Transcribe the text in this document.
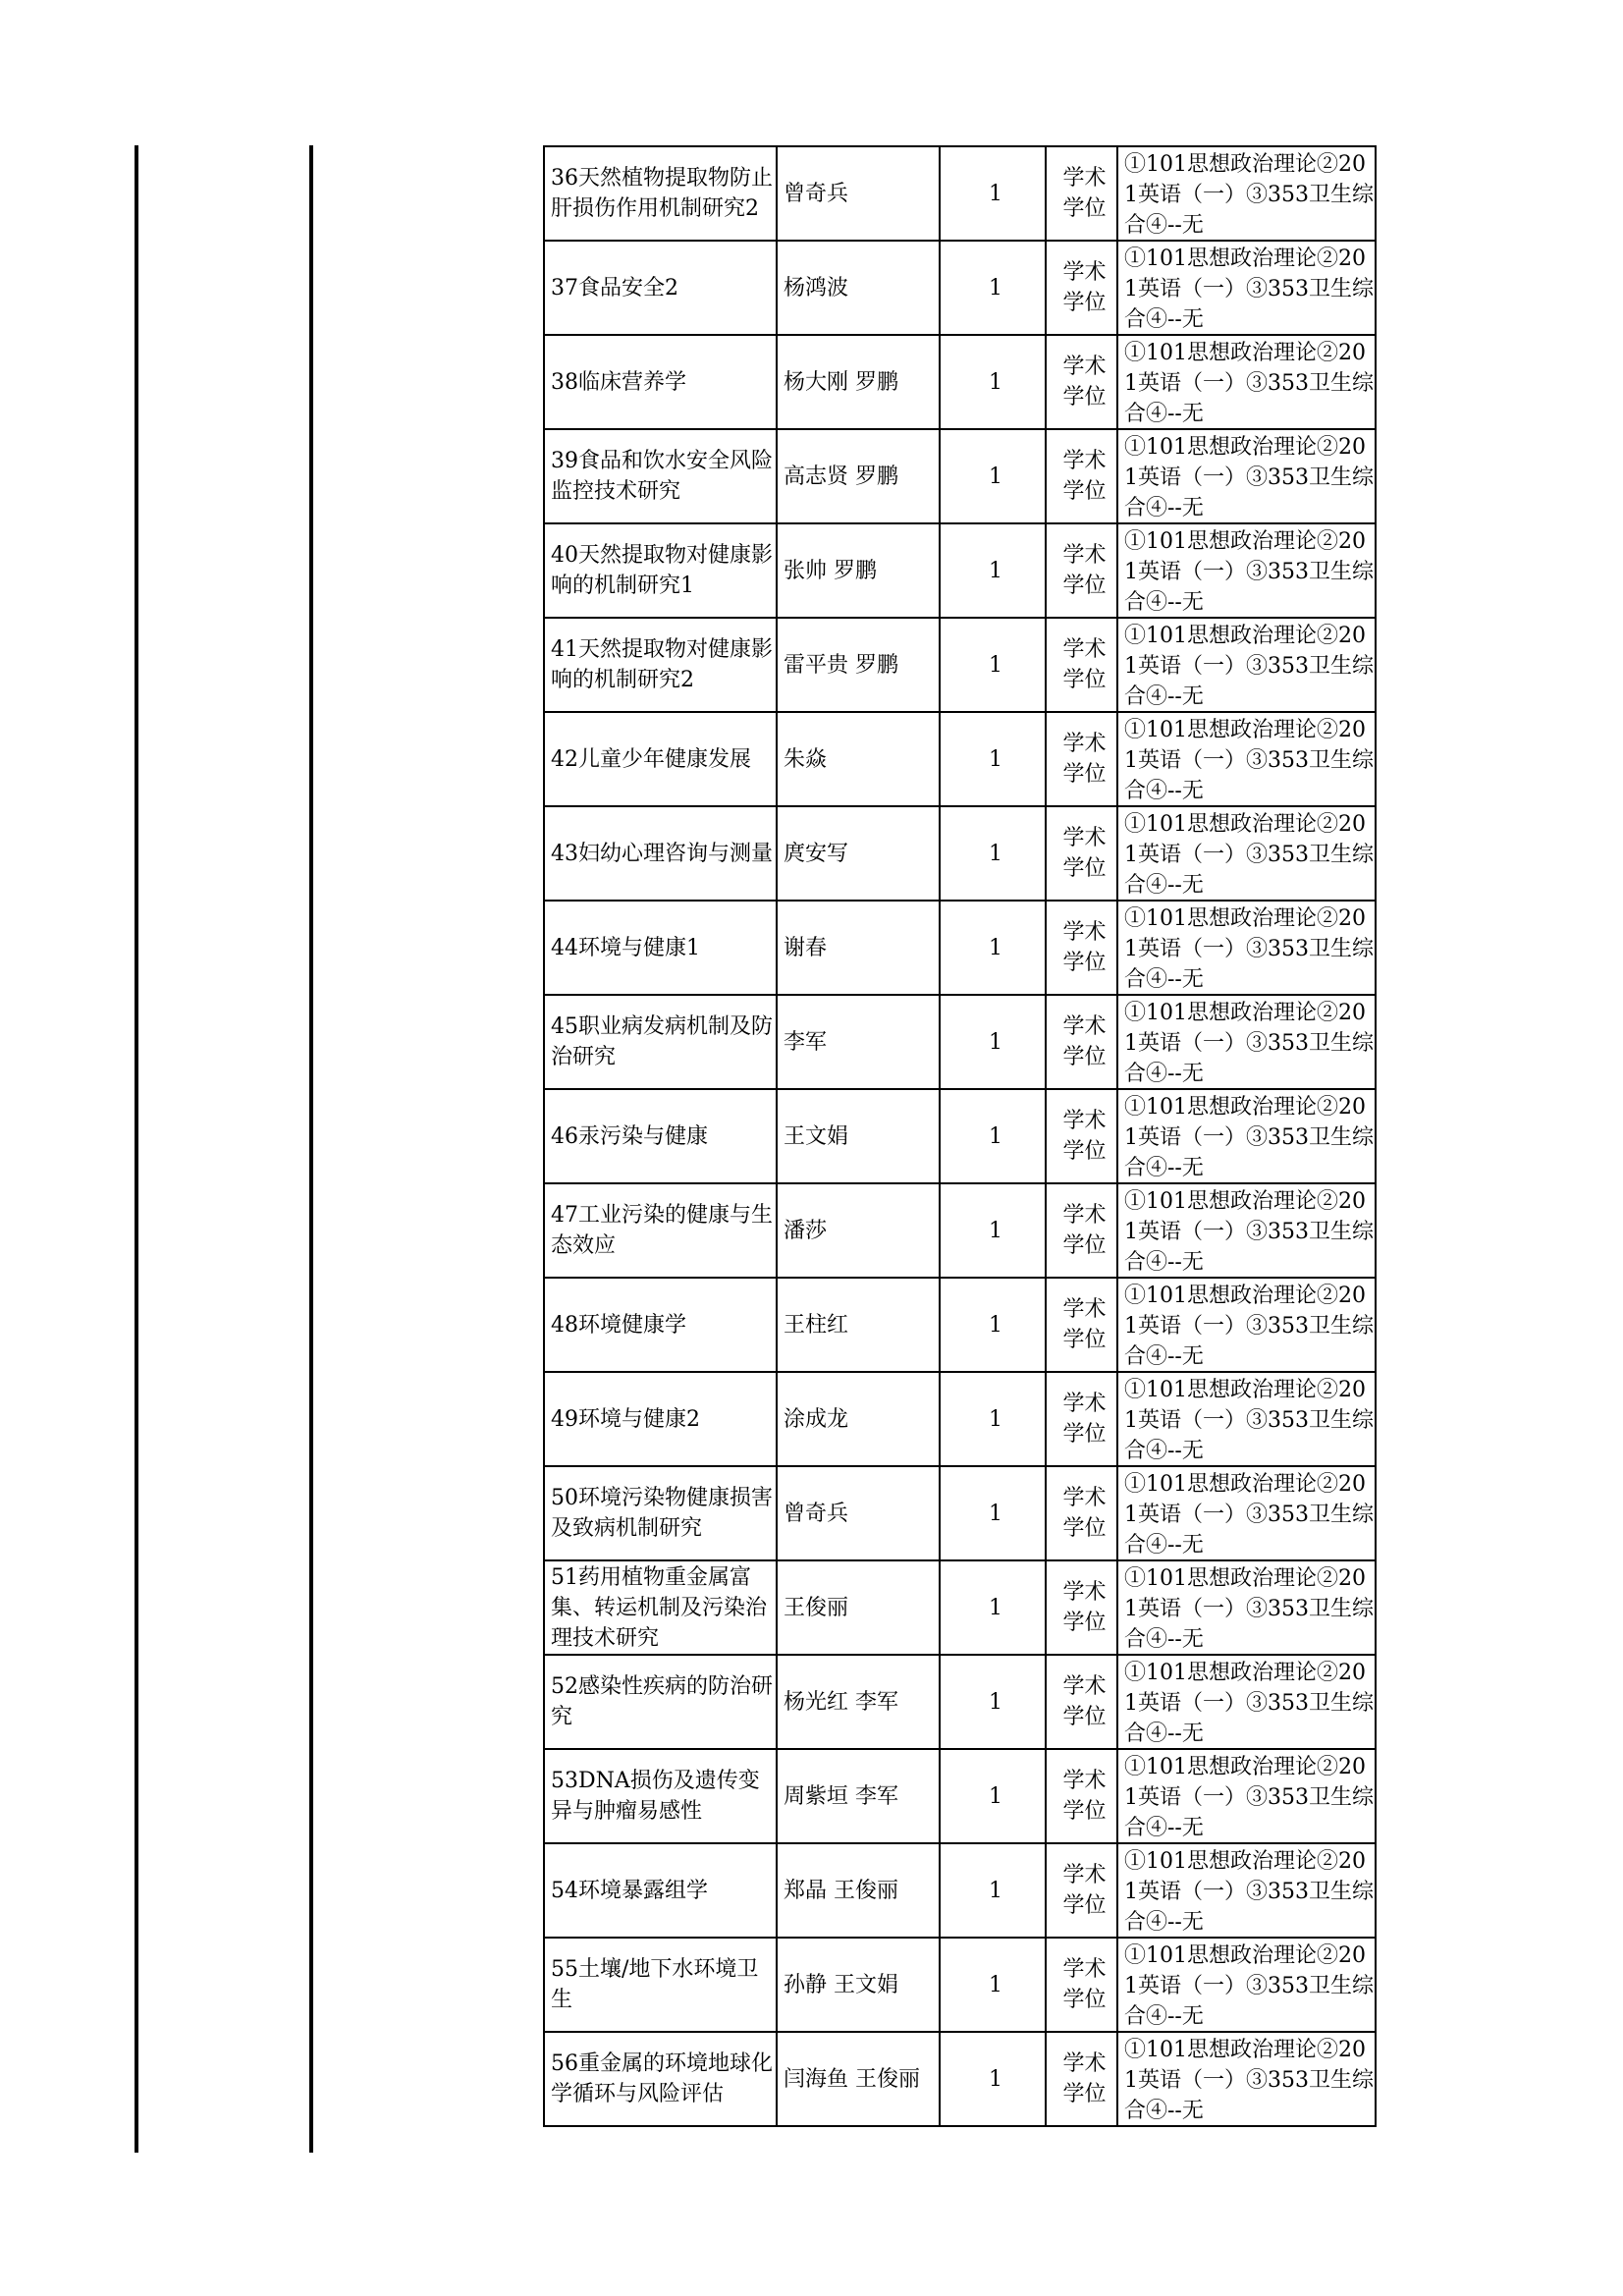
36天然植物提取物防止肝损伤作用机制研究2	曾奇兵	1	学术学位	①101思想政治理论②201英语（一）③353卫生综合④--无

37食品安全2	杨鸿波	1	学术学位	①101思想政治理论②201英语（一）③353卫生综合④--无

38临床营养学	杨大刚 罗鹏	1	学术学位	①101思想政治理论②201英语（一）③353卫生综合④--无

39食品和饮水安全风险监控技术研究	高志贤 罗鹏	1	学术学位	①101思想政治理论②201英语（一）③353卫生综合④--无

40天然提取物对健康影响的机制研究1	张帅 罗鹏	1	学术学位	①101思想政治理论②201英语（一）③353卫生综合④--无

41天然提取物对健康影响的机制研究2	雷平贵 罗鹏	1	学术学位	①101思想政治理论②201英语（一）③353卫生综合④--无

42儿童少年健康发展	朱焱	1	学术学位	①101思想政治理论②201英语（一）③353卫生综合④--无

43妇幼心理咨询与测量	庹安写	1	学术学位	①101思想政治理论②201英语（一）③353卫生综合④--无

44环境与健康1	谢春	1	学术学位	①101思想政治理论②201英语（一）③353卫生综合④--无

45职业病发病机制及防治研究	李军	1	学术学位	①101思想政治理论②201英语（一）③353卫生综合④--无

46汞污染与健康	王文娟	1	学术学位	①101思想政治理论②201英语（一）③353卫生综合④--无

47工业污染的健康与生态效应	潘莎	1	学术学位	①101思想政治理论②201英语（一）③353卫生综合④--无

48环境健康学	王柱红	1	学术学位	①101思想政治理论②201英语（一）③353卫生综合④--无

49环境与健康2	涂成龙	1	学术学位	①101思想政治理论②201英语（一）③353卫生综合④--无

50环境污染物健康损害及致病机制研究	曾奇兵	1	学术学位	①101思想政治理论②201英语（一）③353卫生综合④--无

51药用植物重金属富集、转运机制及污染治理技术研究	王俊丽	1	学术学位	①101思想政治理论②201英语（一）③353卫生综合④--无

52感染性疾病的防治研究	杨光红 李军	1	学术学位	①101思想政治理论②201英语（一）③353卫生综合④--无

53DNA损伤及遗传变异与肿瘤易感性	周紫垣 李军	1	学术学位	①101思想政治理论②201英语（一）③353卫生综合④--无

54环境暴露组学	郑晶 王俊丽	1	学术学位	①101思想政治理论②201英语（一）③353卫生综合④--无

55土壤/地下水环境卫生	孙静 王文娟	1	学术学位	①101思想政治理论②201英语（一）③353卫生综合④--无

56重金属的环境地球化学循环与风险评估	闫海鱼 王俊丽	1	学术学位	①101思想政治理论②201英语（一）③353卫生综合④--无
